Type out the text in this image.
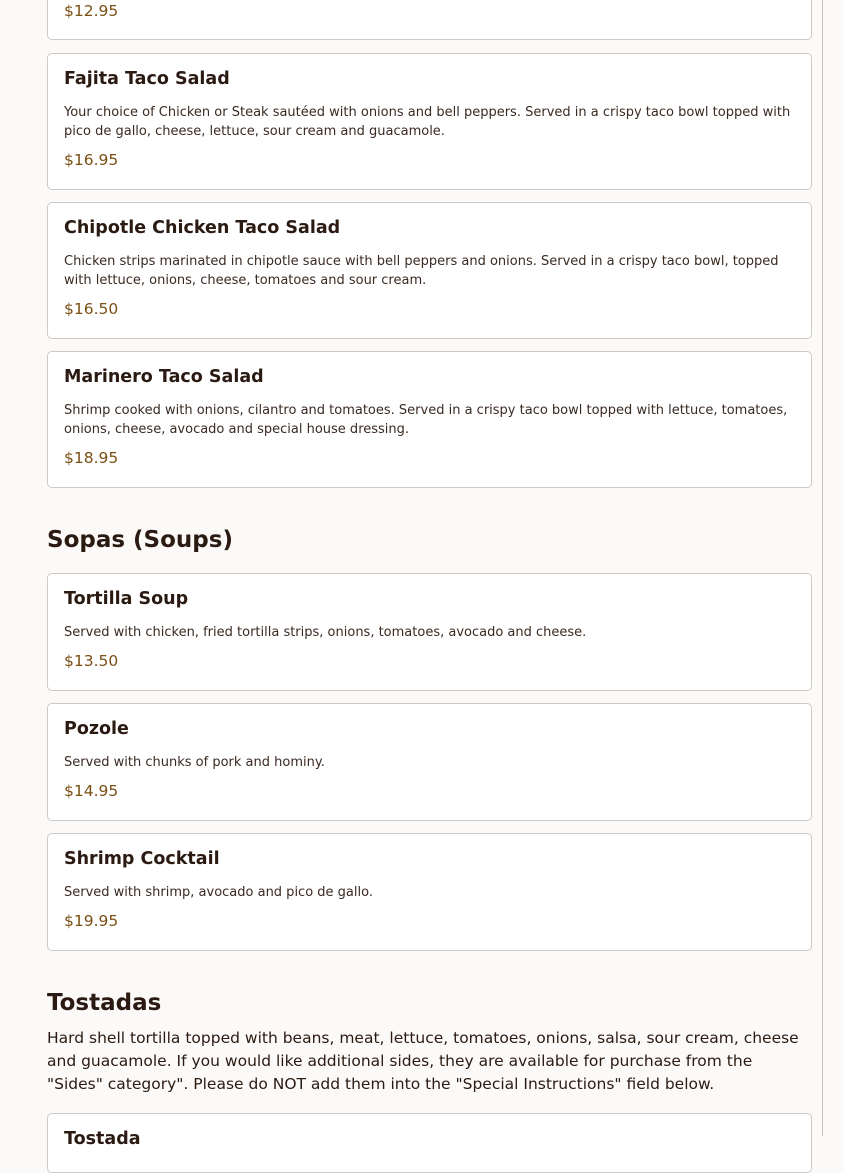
$12.95
Fajita Taco Salad

Your choice of Chicken or Steak sautéed with onions and bell peppers. Served in a crispy taco bowl topped with pico de gallo, cheese, lettuce, sour cream and guacamole.

$16.95
Chipotle Chicken Taco Salad

Chicken strips marinated in chipotle sauce with bell peppers and onions. Served in a crispy taco bowl, topped with lettuce, onions, cheese, tomatoes and sour cream.

$16.50
Marinero Taco Salad

Shrimp cooked with onions, cilantro and tomatoes. Served in a crispy taco bowl topped with lettuce, tomatoes, onions, cheese, avocado and special house dressing.

$18.95
Sopas (Soups)
Tortilla Soup

Served with chicken, fried tortilla strips, onions, tomatoes, avocado and cheese.

$13.50
Pozole

Served with chunks of pork and hominy.

$14.95
Shrimp Cocktail

Served with shrimp, avocado and pico de gallo.

$19.95
Tostadas

Hard shell tortilla topped with beans, meat, lettuce, tomatoes, onions, salsa, sour cream, cheese and guacamole. If you would like additional sides, they are available for purchase from the "Sides" category". Please do NOT add them into the "Special Instructions" field below.

Tostada
